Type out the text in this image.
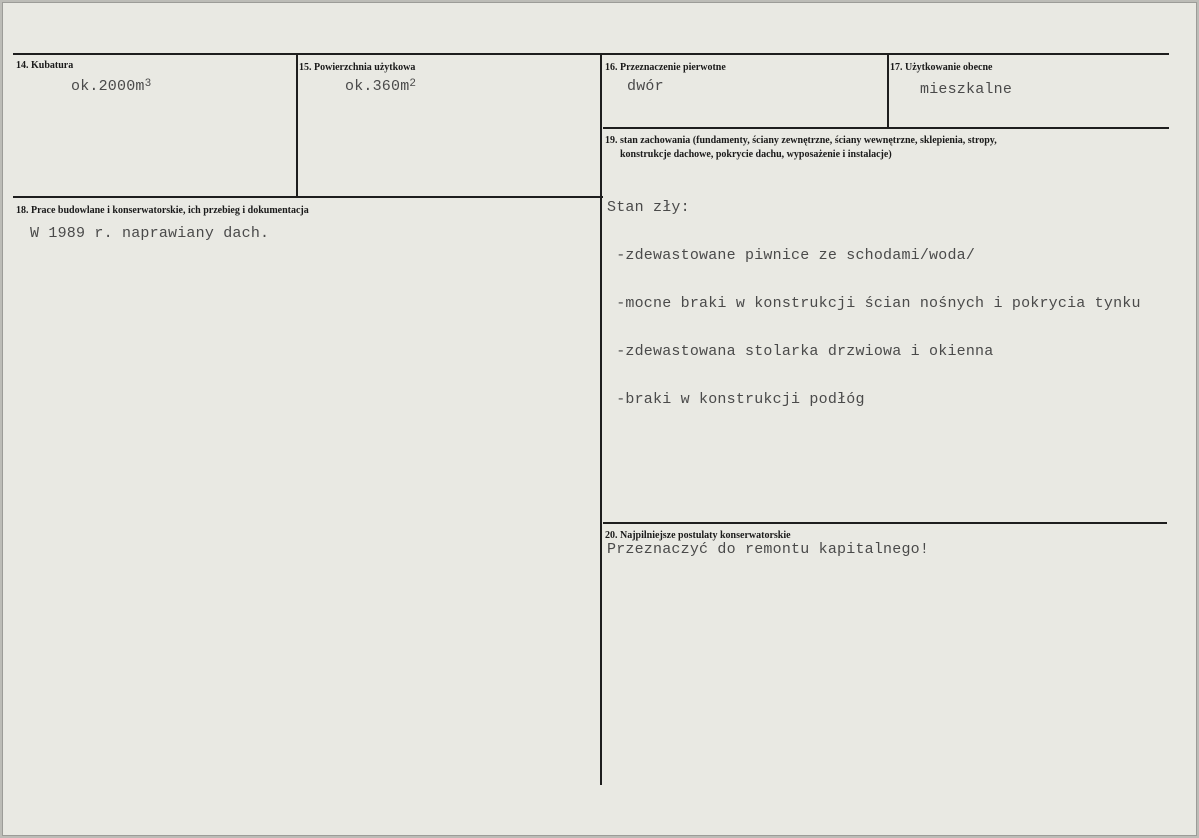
14. Kubatura
$ok.2000m^3$
15. Powierzchnia użytkowa
$ok.360m^2$
16. Przeznaczenie pierwotne
dwór
17. Użytkowanie obecne
mieszkalne
18. Prace budowlane i konserwatorskie, ich przebieg i dokumentacja
W 1989 r. naprawiany dach.
19. stan zachowania (fundamenty, ściany zewnętrzne, ściany wewnętrzne, sklepienia, stropy,
konstrukcje dachowe, pokrycie dachu, wyposażenie i instalacje)

Stan zły:

-zdewastowane piwnice ze schodami/woda/

-mocne braki w konstrukcji ścian nośnych i pokrycia tynku

-zdewastowana stolarka drzwiowa i okienna

-braki w konstrukcji podłóg

20. Najpilniejsze postulaty konserwatorskie
Przeznaczyć do remontu kapitalnego!
